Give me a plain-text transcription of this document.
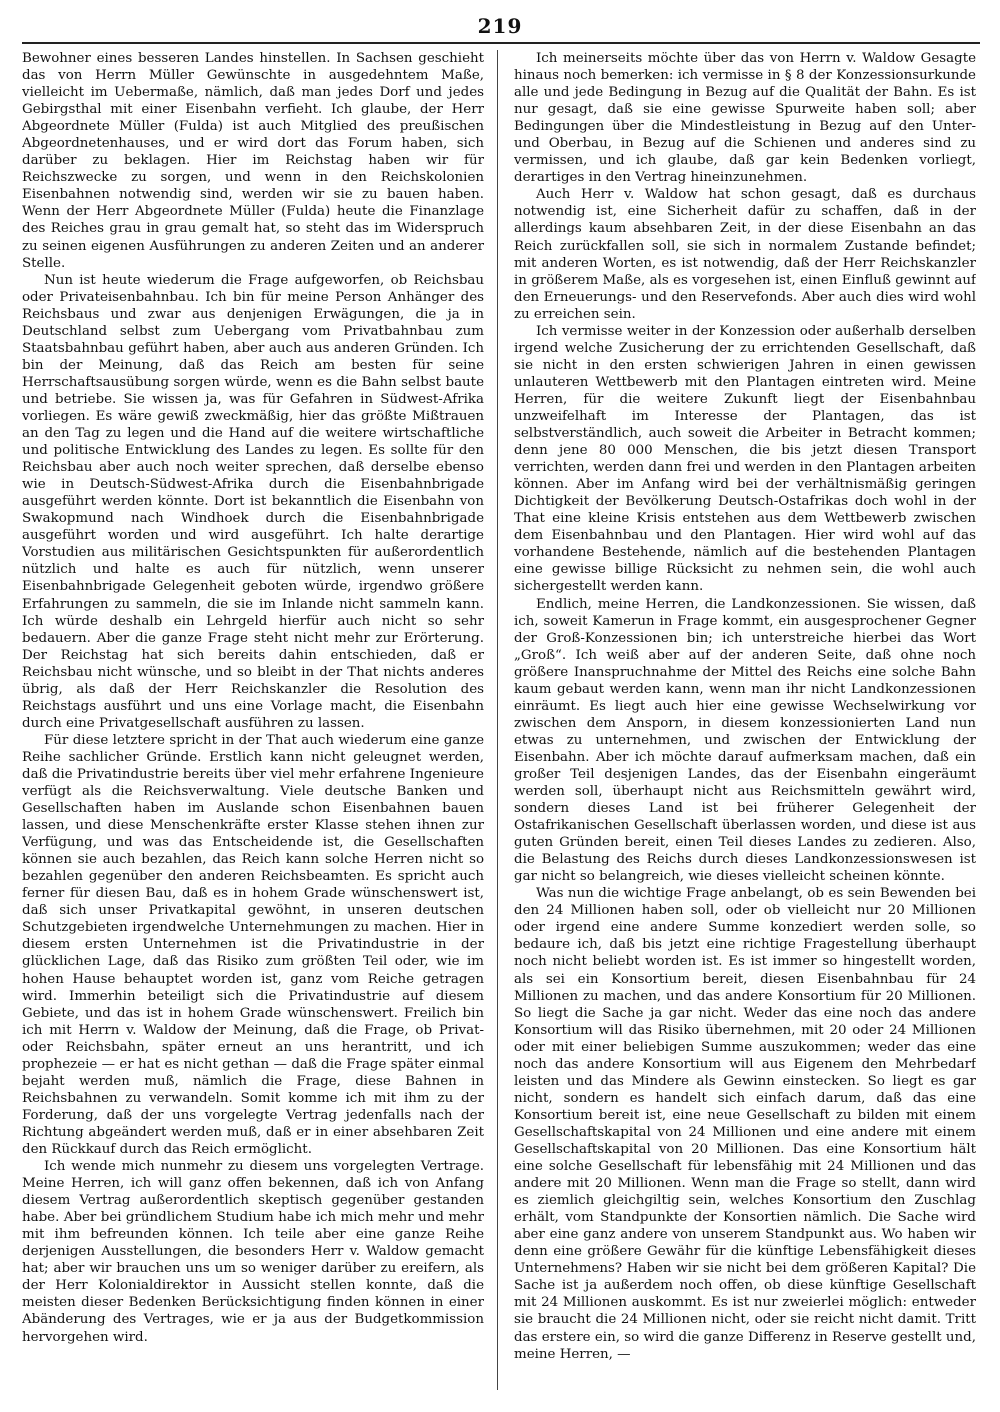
219

Bewohner eines besseren Landes hinstellen. In Sachsen geschieht das von Herrn Müller Gewünschte in ausgedehntem Maße, vielleicht im Uebermaße, nämlich, daß man jedes Dorf und jedes Gebirgsthal mit einer Eisenbahn verfieht. Ich glaube, der Herr Abgeordnete Müller (Fulda) ist auch Mitglied des preußischen Abgeordnetenhauses, und er wird dort das Forum haben, sich darüber zu beklagen. Hier im Reichstag haben wir für Reichszwecke zu sorgen, und wenn in den Reichskolonien Eisenbahnen notwendig sind, werden wir sie zu bauen haben. Wenn der Herr Abgeordnete Müller (Fulda) heute die Finanzlage des Reiches grau in grau gemalt hat, so steht das im Widerspruch zu seinen eigenen Ausführungen zu anderen Zeiten und an anderer Stelle.

Nun ist heute wiederum die Frage aufgeworfen, ob Reichsbau oder Privateisenbahnbau. Ich bin für meine Person Anhänger des Reichsbaus und zwar aus denjenigen Erwägungen, die ja in Deutschland selbst zum Uebergang vom Privatbahnbau zum Staatsbahnbau geführt haben, aber auch aus anderen Gründen. Ich bin der Meinung, daß das Reich am besten für seine Herrschaftsausübung sorgen würde, wenn es die Bahn selbst baute und betriebe. Sie wissen ja, was für Gefahren in Südwest-Afrika vorliegen. Es wäre gewiß zweckmäßig, hier das größte Mißtrauen an den Tag zu legen und die Hand auf die weitere wirtschaftliche und politische Entwicklung des Landes zu legen. Es sollte für den Reichsbau aber auch noch weiter sprechen, daß derselbe ebenso wie in Deutsch-Südwest-Afrika durch die Eisenbahnbrigade ausgeführt werden könnte. Dort ist bekanntlich die Eisenbahn von Swakopmund nach Windhoek durch die Eisenbahnbrigade ausgeführt worden und wird ausgeführt. Ich halte derartige Vorstudien aus militärischen Gesichtspunkten für außerordentlich nützlich und halte es auch für nützlich, wenn unserer Eisenbahnbrigade Gelegenheit geboten würde, irgendwo größere Erfahrungen zu sammeln, die sie im Inlande nicht sammeln kann. Ich würde deshalb ein Lehrgeld hierfür auch nicht so sehr bedauern. Aber die ganze Frage steht nicht mehr zur Erörterung. Der Reichstag hat sich bereits dahin entschieden, daß er Reichsbau nicht wünsche, und so bleibt in der That nichts anderes übrig, als daß der Herr Reichskanzler die Resolution des Reichstags ausführt und uns eine Vorlage macht, die Eisenbahn durch eine Privatgesellschaft ausführen zu lassen.

Für diese letztere spricht in der That auch wiederum eine ganze Reihe sachlicher Gründe. Erstlich kann nicht geleugnet werden, daß die Privatindustrie bereits über viel mehr erfahrene Ingenieure verfügt als die Reichsverwaltung. Viele deutsche Banken und Gesellschaften haben im Auslande schon Eisenbahnen bauen lassen, und diese Menschenkräfte erster Klasse stehen ihnen zur Verfügung, und was das Entscheidende ist, die Gesellschaften können sie auch bezahlen, das Reich kann solche Herren nicht so bezahlen gegenüber den anderen Reichsbeamten. Es spricht auch ferner für diesen Bau, daß es in hohem Grade wünschenswert ist, daß sich unser Privatkapital gewöhnt, in unseren deutschen Schutzgebieten irgendwelche Unternehmungen zu machen. Hier in diesem ersten Unternehmen ist die Privatindustrie in der glücklichen Lage, daß das Risiko zum größten Teil oder, wie im hohen Hause behauptet worden ist, ganz vom Reiche getragen wird. Immerhin beteiligt sich die Privatindustrie auf diesem Gebiete, und das ist in hohem Grade wünschenswert. Freilich bin ich mit Herrn v. Waldow der Meinung, daß die Frage, ob Privat- oder Reichsbahn, später erneut an uns herantritt, und ich prophezeie — er hat es nicht gethan — daß die Frage später einmal bejaht werden muß, nämlich die Frage, diese Bahnen in Reichsbahnen zu verwandeln. Somit komme ich mit ihm zu der Forderung, daß der uns vorgelegte Vertrag jedenfalls nach der Richtung abgeändert werden muß, daß er in einer absehbaren Zeit den Rückkauf durch das Reich ermöglicht.

Ich wende mich nunmehr zu diesem uns vorgelegten Vertrage. Meine Herren, ich will ganz offen bekennen, daß ich von Anfang diesem Vertrag außerordentlich skeptisch gegenüber gestanden habe. Aber bei gründlichem Studium habe ich mich mehr und mehr mit ihm befreunden können. Ich teile aber eine ganze Reihe derjenigen Ausstellungen, die besonders Herr v. Waldow gemacht hat; aber wir brauchen uns um so weniger darüber zu ereifern, als der Herr Kolonialdirektor in Aussicht stellen konnte, daß die meisten dieser Bedenken Berücksichtigung finden können in einer Abänderung des Vertrages, wie er ja aus der Budgetkommission hervorgehen wird.

Ich meinerseits möchte über das von Herrn v. Waldow Gesagte hinaus noch bemerken: ich vermisse in § 8 der Konzessionsurkunde alle und jede Bedingung in Bezug auf die Qualität der Bahn. Es ist nur gesagt, daß sie eine gewisse Spurweite haben soll; aber Bedingungen über die Mindestleistung in Bezug auf den Unter- und Oberbau, in Bezug auf die Schienen und anderes sind zu vermissen, und ich glaube, daß gar kein Bedenken vorliegt, derartiges in den Vertrag hineinzunehmen.

Auch Herr v. Waldow hat schon gesagt, daß es durchaus notwendig ist, eine Sicherheit dafür zu schaffen, daß in der allerdings kaum absehbaren Zeit, in der diese Eisenbahn an das Reich zurückfallen soll, sie sich in normalem Zustande befindet; mit anderen Worten, es ist notwendig, daß der Herr Reichskanzler in größerem Maße, als es vorgesehen ist, einen Einfluß gewinnt auf den Erneuerungs- und den Reservefonds. Aber auch dies wird wohl zu erreichen sein.

Ich vermisse weiter in der Konzession oder außerhalb derselben irgend welche Zusicherung der zu errichtenden Gesellschaft, daß sie nicht in den ersten schwierigen Jahren in einen gewissen unlauteren Wettbewerb mit den Plantagen eintreten wird. Meine Herren, für die weitere Zukunft liegt der Eisenbahnbau unzweifelhaft im Interesse der Plantagen, das ist selbstverständlich, auch soweit die Arbeiter in Betracht kommen; denn jene 80 000 Menschen, die bis jetzt diesen Transport verrichten, werden dann frei und werden in den Plantagen arbeiten können. Aber im Anfang wird bei der verhältnismäßig geringen Dichtigkeit der Bevölkerung Deutsch-Ostafrikas doch wohl in der That eine kleine Krisis entstehen aus dem Wettbewerb zwischen dem Eisenbahnbau und den Plantagen. Hier wird wohl auf das vorhandene Bestehende, nämlich auf die bestehenden Plantagen eine gewisse billige Rücksicht zu nehmen sein, die wohl auch sichergestellt werden kann.

Endlich, meine Herren, die Landkonzessionen. Sie wissen, daß ich, soweit Kamerun in Frage kommt, ein ausgesprochener Gegner der Groß-Konzessionen bin; ich unterstreiche hierbei das Wort „Groß“. Ich weiß aber auf der anderen Seite, daß ohne noch größere Inanspruchnahme der Mittel des Reichs eine solche Bahn kaum gebaut werden kann, wenn man ihr nicht Landkonzessionen einräumt. Es liegt auch hier eine gewisse Wechselwirkung vor zwischen dem Ansporn, in diesem konzessionierten Land nun etwas zu unternehmen, und zwischen der Entwicklung der Eisenbahn. Aber ich möchte darauf aufmerksam machen, daß ein großer Teil desjenigen Landes, das der Eisenbahn eingeräumt werden soll, überhaupt nicht aus Reichsmitteln gewährt wird, sondern dieses Land ist bei früherer Gelegenheit der Ostafrikanischen Gesellschaft überlassen worden, und diese ist aus guten Gründen bereit, einen Teil dieses Landes zu zedieren. Also, die Belastung des Reichs durch dieses Landkonzessionswesen ist gar nicht so belangreich, wie dieses vielleicht scheinen könnte.

Was nun die wichtige Frage anbelangt, ob es sein Bewenden bei den 24 Millionen haben soll, oder ob vielleicht nur 20 Millionen oder irgend eine andere Summe konzediert werden solle, so bedaure ich, daß bis jetzt eine richtige Fragestellung überhaupt noch nicht beliebt worden ist. Es ist immer so hingestellt worden, als sei ein Konsortium bereit, diesen Eisenbahnbau für 24 Millionen zu machen, und das andere Konsortium für 20 Millionen. So liegt die Sache ja gar nicht. Weder das eine noch das andere Konsortium will das Risiko übernehmen, mit 20 oder 24 Millionen oder mit einer beliebigen Summe auszukommen; weder das eine noch das andere Konsortium will aus Eigenem den Mehrbedarf leisten und das Mindere als Gewinn einstecken. So liegt es gar nicht, sondern es handelt sich einfach darum, daß das eine Konsortium bereit ist, eine neue Gesellschaft zu bilden mit einem Gesellschaftskapital von 24 Millionen und eine andere mit einem Gesellschaftskapital von 20 Millionen. Das eine Konsortium hält eine solche Gesellschaft für lebensfähig mit 24 Millionen und das andere mit 20 Millionen. Wenn man die Frage so stellt, dann wird es ziemlich gleichgiltig sein, welches Konsortium den Zuschlag erhält, vom Standpunkte der Konsortien nämlich. Die Sache wird aber eine ganz andere von unserem Standpunkt aus. Wo haben wir denn eine größere Gewähr für die künftige Lebensfähigkeit dieses Unternehmens? Haben wir sie nicht bei dem größeren Kapital? Die Sache ist ja außerdem noch offen, ob diese künftige Gesellschaft mit 24 Millionen auskommt. Es ist nur zweierlei möglich: entweder sie braucht die 24 Millionen nicht, oder sie reicht nicht damit. Tritt das erstere ein, so wird die ganze Differenz in Reserve gestellt und, meine Herren, —
